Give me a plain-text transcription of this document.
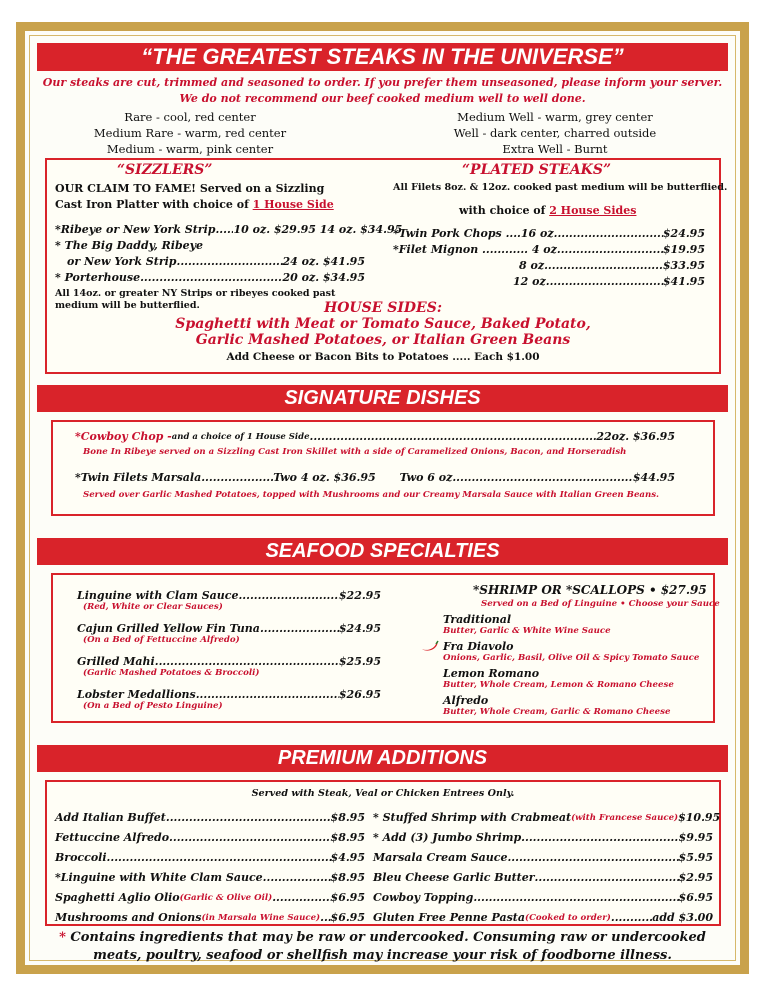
“THE GREATEST STEAKS IN THE UNIVERSE”
Our steaks are cut, trimmed and seasoned to order. If you prefer them unseasoned, please inform your server.
We do not recommend our beef cooked medium well to well done.
Rare - cool, red center
Medium Rare - warm, red center
Medium - warm, pink center
Medium Well - warm, grey center
Well - dark center, charred outside
Extra Well - Burnt
“SIZZLERS”
OUR CLAIM TO FAME! Served on a Sizzling
Cast Iron Platter with choice of 1 House Side
*Ribeye or New York Strip ..... 10 oz. $29.95 14 oz. $34.95
* The Big Daddy, Ribeye
or New York Strip .....	24 oz. $41.95
* Porterhouse .....	20 oz. $34.95
All 14oz. or greater NY Strips or ribeyes cooked past medium will be butterflied.
“PLATED STEAKS”
All Filets 8oz. & 12oz. cooked past medium will be butterflied.
with choice of 2 House Sides
*Twin Pork Chops ....16 oz. .....	$24.95
*Filet Mignon ............ 4 oz. .....	$19.95
8 oz. .....	$33.95
12 oz. .....	$41.95
HOUSE SIDES:
Spaghetti with Meat or Tomato Sauce, Baked Potato,
Garlic Mashed Potatoes, or Italian Green Beans
Add Cheese or Bacon Bits to Potatoes ..... Each $1.00
SIGNATURE DISHES
*Cowboy Chop - and a choice of 1 House Side .....	22oz. $36.95
Bone In Ribeye served on a Sizzling Cast Iron Skillet with a side of Caramelized Onions, Bacon, and Horseradish
*Twin Filets Marsala .....	Two 4 oz. $36.95 Two 6 oz. .....	$44.95
Served over Garlic Mashed Potatoes, topped with Mushrooms and our Creamy Marsala Sauce with Italian Green Beans.
SEAFOOD SPECIALTIES
Linguine with Clam Sauce .....	$22.95
(Red, White or Clear Sauces)
Cajun Grilled Yellow Fin Tuna .....	$24.95
(On a Bed of Fettuccine Alfredo)
Grilled Mahi .....	$25.95
(Garlic Mashed Potatoes & Broccoli)
Lobster Medallions .....	$26.95
(On a Bed of Pesto Linguine)
*SHRIMP OR *SCALLOPS • $27.95
Served on a Bed of Linguine • Choose your Sauce
Traditional
Butter, Garlic & White Wine Sauce
Fra Diavolo
Onions, Garlic, Basil, Olive Oil & Spicy Tomato Sauce
Lemon Romano
Butter, Whole Cream, Lemon & Romano Cheese
Alfredo
Butter, Whole Cream, Garlic & Romano Cheese
PREMIUM ADDITIONS
Served with Steak, Veal or Chicken Entrees Only.
Add Italian Buffet .....	$8.95
Fettuccine Alfredo .....	$8.95
Broccoli .....	$4.95
*Linguine with White Clam Sauce .....	$8.95
Spaghetti Aglio Olio (Garlic & Olive Oil) .....	$6.95
Mushrooms and Onions (in Marsala Wine Sauce) ..... $6.95
* Stuffed Shrimp with Crabmeat (with Francese Sauce) $10.95
* Add (3) Jumbo Shrimp .....	$9.95
Marsala Cream Sauce .....	$5.95
Bleu Cheese Garlic Butter .....	$2.95
Cowboy Topping .....	$6.95
Gluten Free Penne Pasta (Cooked to order) .....	add $3.00
* Contains ingredients that may be raw or undercooked. Consuming raw or undercooked
meats, poultry, seafood or shellfish may increase your risk of foodborne illness.
